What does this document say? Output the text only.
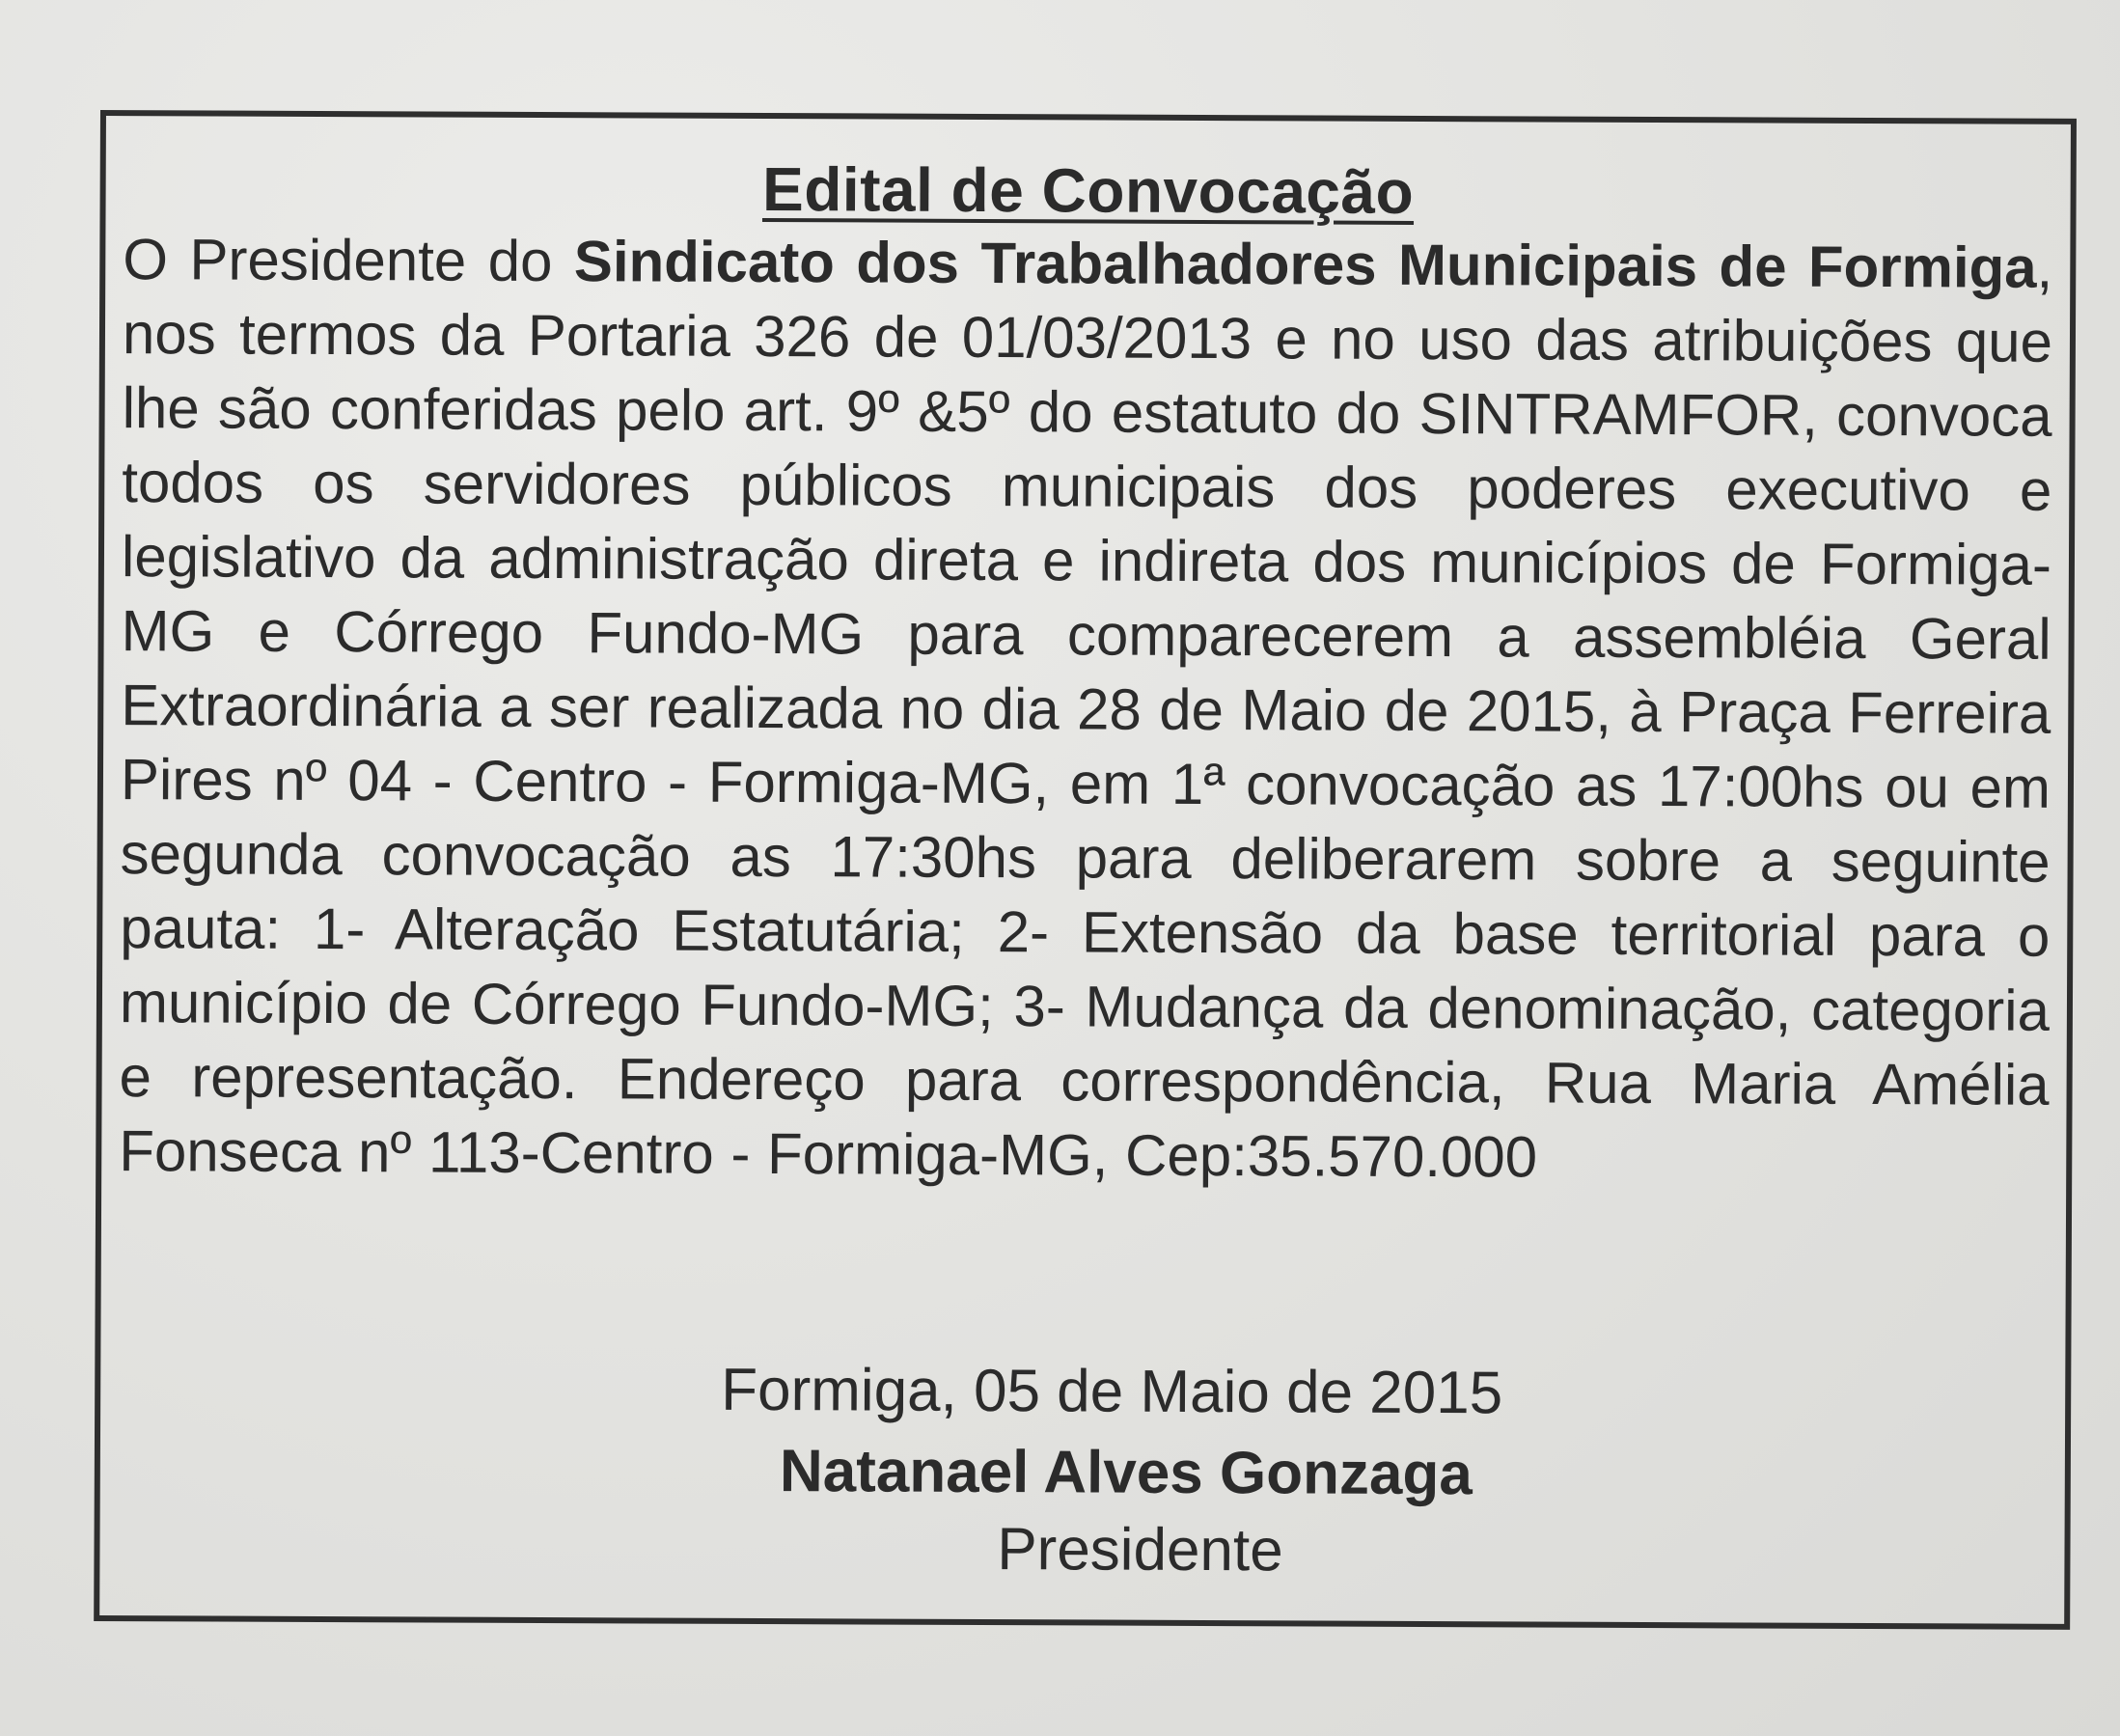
Edital de Convocação
O Presidente do Sindicato dos Trabalhadores Municipais de Formiga, nos termos da Portaria 326 de 01/03/2013 e no uso das atribuições que lhe são conferidas pelo art. 9º &5º do estatuto do SINTRAMFOR, convoca todos os servidores públicos municipais dos poderes executivo e legislativo da administração direta e indireta dos municípios de Formiga-MG e Córrego Fundo-MG para comparecerem a assembléia Geral Extraordinária a ser realizada no dia 28 de Maio de 2015, à Praça Ferreira Pires nº 04 - Centro - Formiga-MG, em 1ª convocação as 17:00hs ou em segunda convocação as 17:30hs para deliberarem sobre a seguinte pauta: 1- Alteração Estatutária; 2- Extensão da base territorial para o município de Córrego Fundo-MG; 3- Mudança da denominação, categoria e representação. Endereço para correspondência, Rua Maria Amélia Fonseca nº 113-Centro - Formiga-MG, Cep:35.570.000
Formiga, 05 de Maio de 2015
Natanael Alves Gonzaga
Presidente
